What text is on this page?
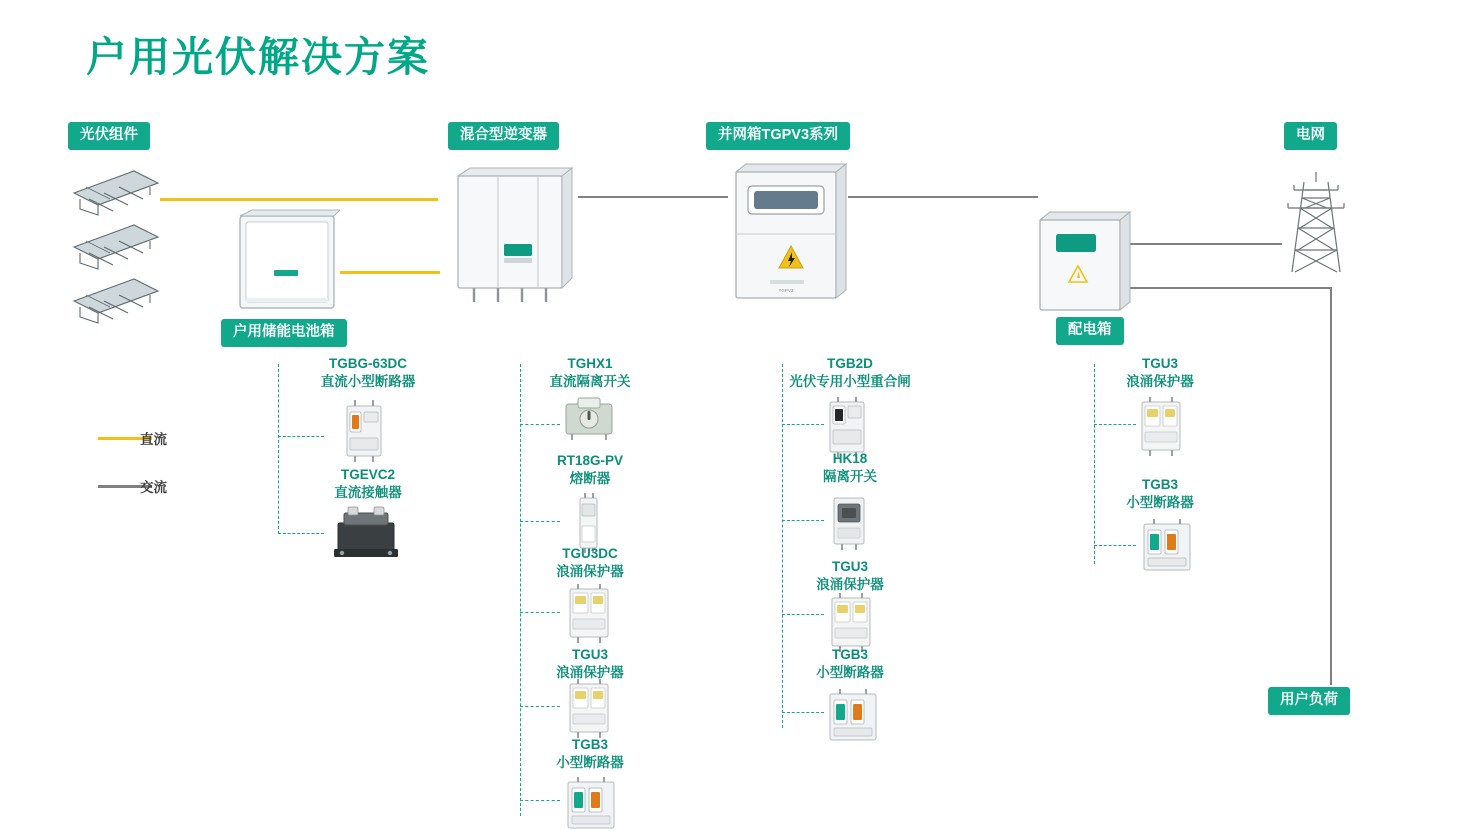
户用光伏解决方案
光伏组件	混合型逆变器	并网箱TGPV3系列	电网
户用储能电池箱	配电箱
用户负荷
TGPV3
直流
交流
TGBG-63DC
直流小型断路器
TGEVC2
直流接触器
TGHX1
直流隔离开关
RT18G-PV
熔断器
TGU3DC
浪涌保护器
TGU3
浪涌保护器
TGB3
小型断路器
TGB2D
光伏专用小型重合闸
HK18
隔离开关
TGU3
浪涌保护器
TGB3
小型断路器
TGU3
浪涌保护器
TGB3
小型断路器
